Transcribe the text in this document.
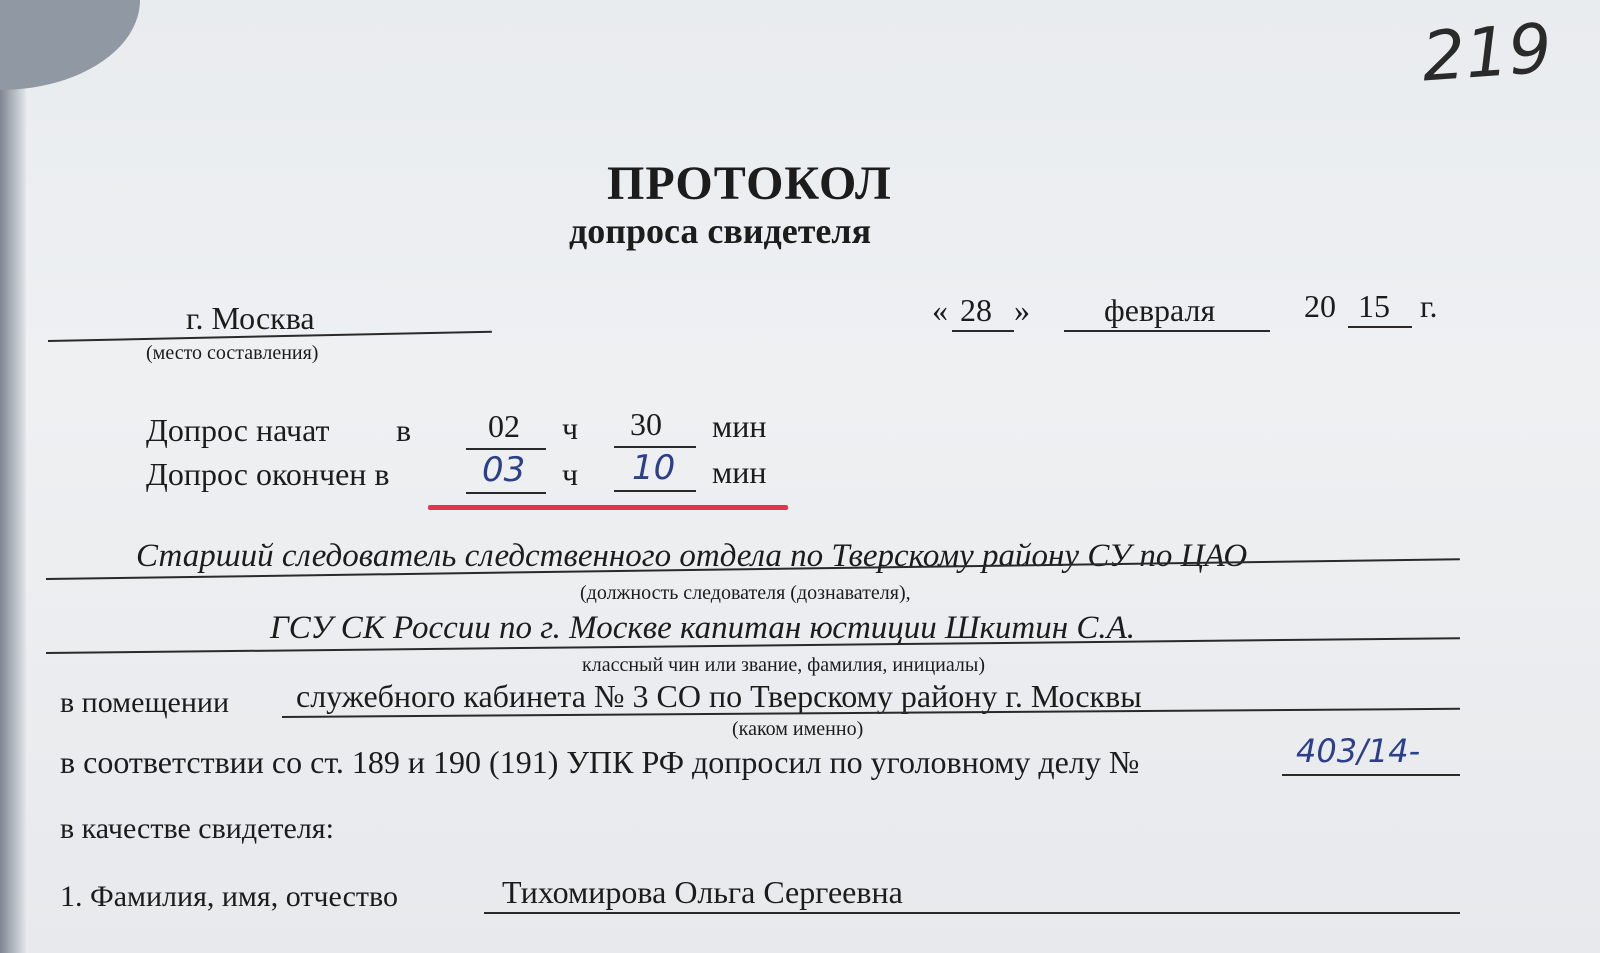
219
ПРОТОКОЛ
допроса свидетеля
г. Москва
(место составления)
« 28 » февраля	20 15 г.
Допрос начат в 02 ч 30 мин
Допрос окончен в	03 ч 10 мин
Старший следователь следственного отдела по Тверскому району СУ по ЦАО
(должность следователя (дознавателя),
ГСУ СК России по г. Москве капитан юстиции Шкитин С.А.
классный чин или звание, фамилия, инициалы)
в помещении служебного кабинета № 3 СО по Тверскому району г. Москвы
(каком именно)
в соответствии со ст. 189 и 190 (191) УПК РФ допросил по уголовному делу №	403/14-
в качестве свидетеля:
1. Фамилия, имя, отчество	Тихомирова Ольга Сергеевна
